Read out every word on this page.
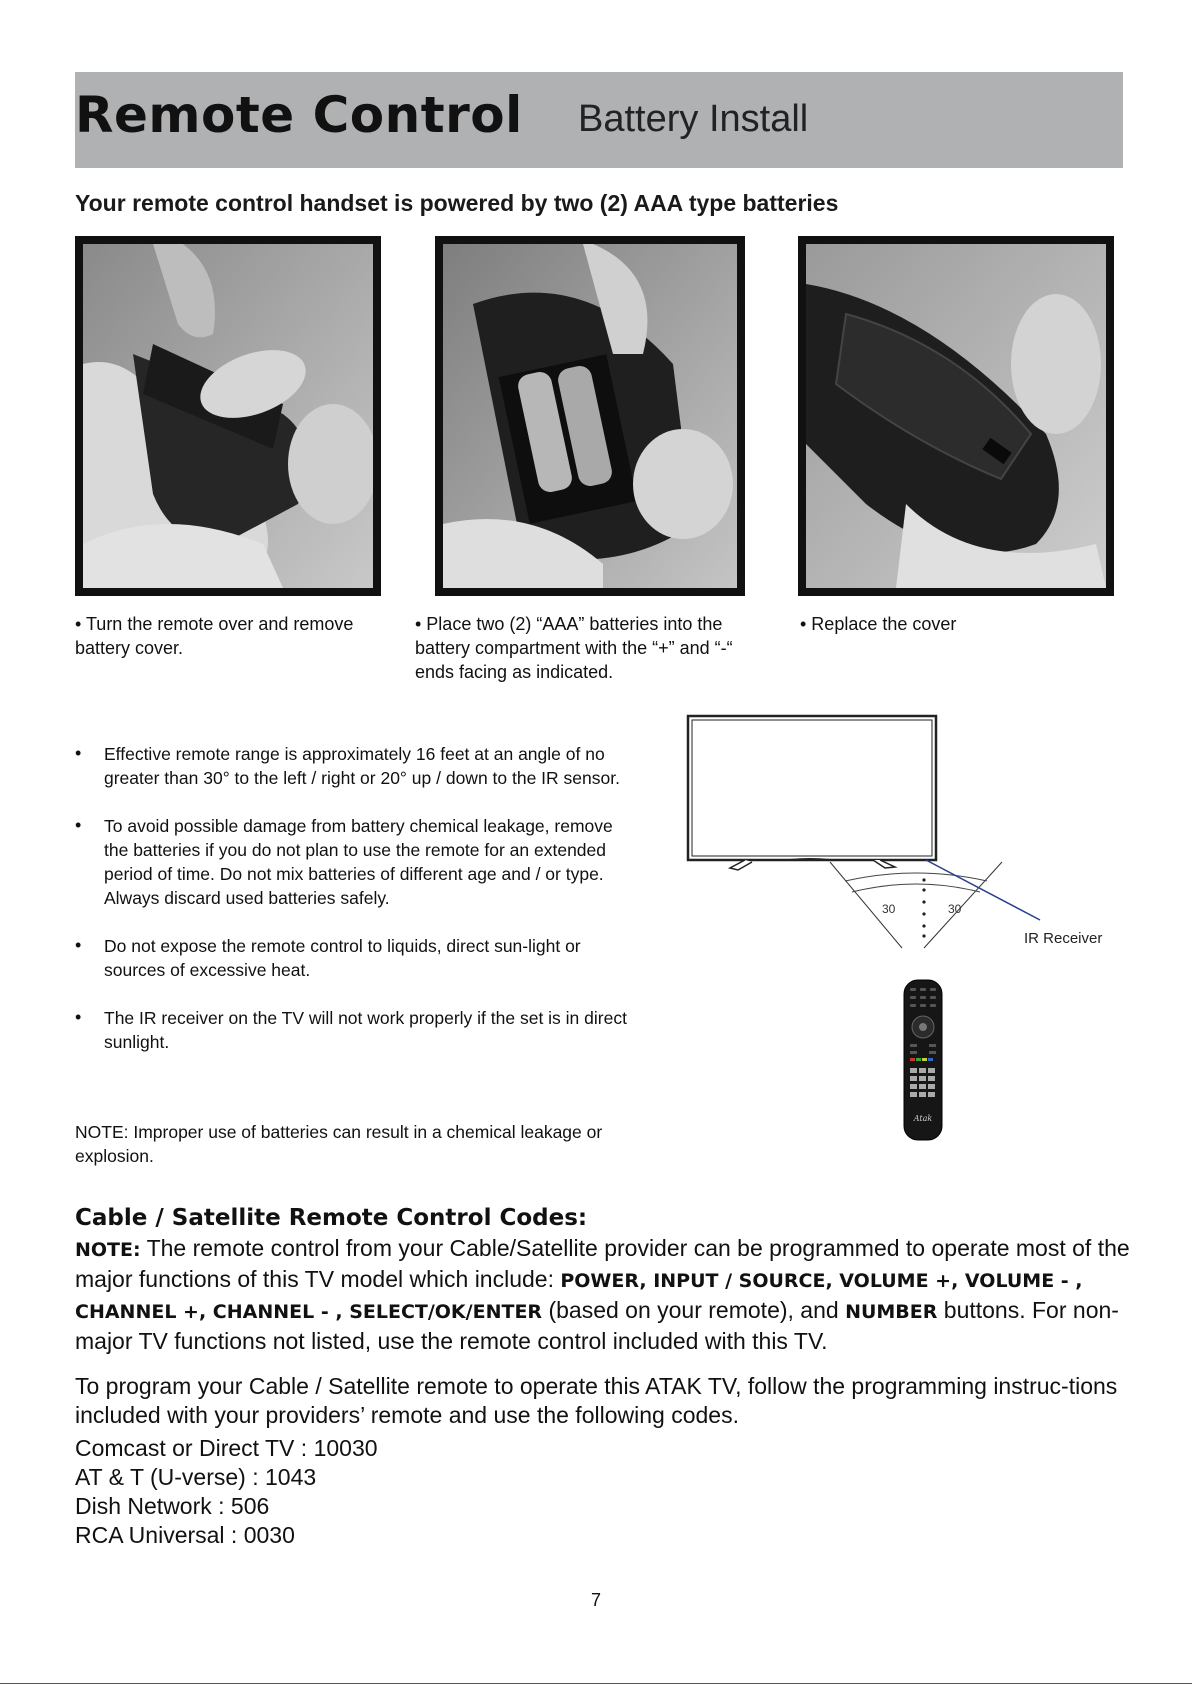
Remote Control Battery Install
Your remote control handset is powered by two (2) AAA type batteries
• Turn the remote over and remove battery cover.
• Place two (2) “AAA” batteries into the battery compartment with the “+” and “-“ ends facing as indicated.
• Replace the cover
• Effective remote range is approximately 16 feet at an angle of no greater than 30° to the left / right or 20° up / down to the IR sensor.
• To avoid possible damage from battery chemical leakage, remove the batteries if you do not plan to use the remote for an extended period of time. Do not mix batteries of different age and / or type. Always discard used batteries safely.
• Do not expose the remote control to liquids, direct sun-light or sources of excessive heat.
• The IR receiver on the TV will not work properly if the set is in direct sunlight.
NOTE: Improper use of batteries can result in a chemical leakage or explosion.
30	30
IR Receiver
Atak
Cable / Satellite Remote Control Codes:
NOTE: The remote control from your Cable/Satellite provider can be programmed to operate most of the major functions of this TV model which include: POWER, INPUT / SOURCE, VOLUME +, VOLUME - , CHANNEL +, CHANNEL - , SELECT/OK/ENTER (based on your remote), and NUMBER buttons. For non-major TV functions not listed, use the remote control included with this TV.
To program your Cable / Satellite remote to operate this ATAK TV, follow the programming instruc-tions included with your providers’ remote and use the following codes.
Comcast or Direct TV : 10030
AT & T (U-verse) : 1043
Dish Network : 506
RCA Universal : 0030
7
